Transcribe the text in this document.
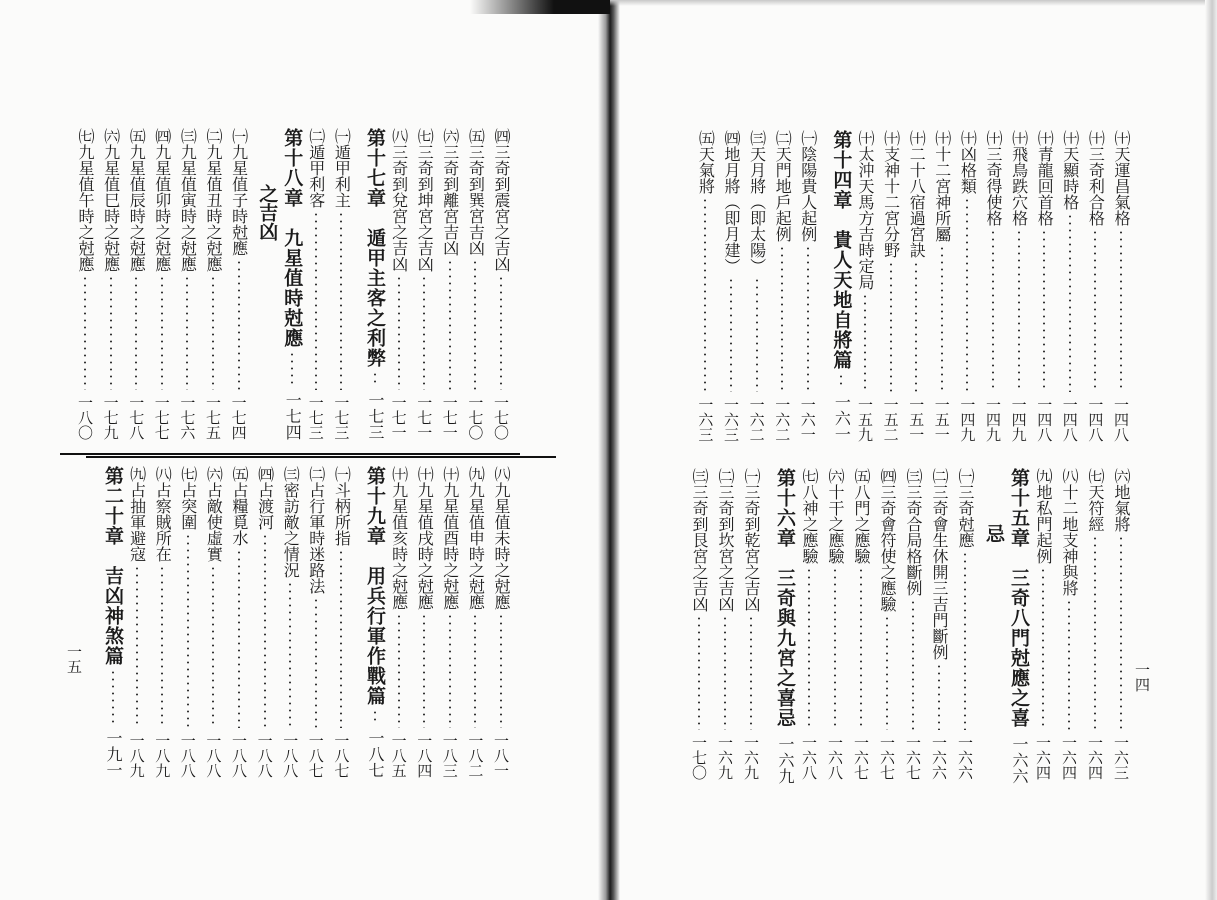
一四
一五
㈩天運昌氣格
一四八
㈩三奇利合格
一四八
㈩天顯時格
一四八
㈩青龍回首格
一四八
㈩飛鳥跌穴格
一四九
㈩三奇得使格
一四九
㈩凶格類
一四九
㈩十二宮神所屬
一五一
㈩二十八宿過宮訣
一五一
㈩支神十二宮分野
一五二
㈩太沖天馬方吉時定局
一五九
第十四章　貴人天地自將篇
一六一
㈠陰陽貴人起例
一六一
㈡天門地戶起例
一六二
㈢天月將（即太陽）
一六二
㈣地月將（即月建）
一六三
㈤天氣將
一六三
㈥地氣將
一六三
㈦天符經
一六四
㈧十二地支神與將
一六四
㈨地私門起例
一六四
第十五章　三奇八門尅應之喜
一六六
忌
㈠三奇尅應
一六六
㈡三奇會生休開三吉門斷例
一六六
㈢三奇合局格斷例
一六七
㈣三奇會符使之應驗
一六七
㈤八門之應驗
一六七
㈥十干之應驗
一六八
㈦八神之應驗
一六八
第十六章　三奇與九宮之喜忌
一六九
㈠三奇到乾宮之吉凶
一六九
㈡三奇到坎宮之吉凶
一六九
㈢三奇到艮宮之吉凶
一七〇
㈣三奇到震宮之吉凶
一七〇
㈤三奇到巽宮吉凶
一七〇
㈥三奇到離宮吉凶
一七一
㈦三奇到坤宮之吉凶
一七一
㈧三奇到兌宮之吉凶
一七一
第十七章　遁甲主客之利弊
一七三
㈠遁甲利主
一七三
㈡遁甲利客
一七三
第十八章　九星值時尅應
一七四
之吉凶
㈠九星值子時尅應
一七四
㈡九星值丑時之尅應
一七五
㈢九星值寅時之尅應
一七六
㈣九星值卯時之尅應
一七七
㈤九星值辰時之尅應
一七八
㈥九星值巳時之尅應
一七九
㈦九星值午時之尅應
一八〇
㈧九星值未時之尅應
一八一
㈨九星值申時之尅應
一八二
㈩九星值酉時之尅應
一八三
㈩九星值戌時之尅應
一八四
㈩九星值亥時之尅應
一八五
第十九章　用兵行軍作戰篇
一八七
㈠斗柄所指
一八七
㈡占行軍時迷路法
一八七
㈢密訪敵之情況
一八八
㈣占渡河
一八八
㈤占糧覓水
一八八
㈥占敵使虛實
一八八
㈦占突圍
一八八
㈧占察賊所在
一八九
㈨占抽軍避寇
一八九
第二十章　吉凶神煞篇
一九一
